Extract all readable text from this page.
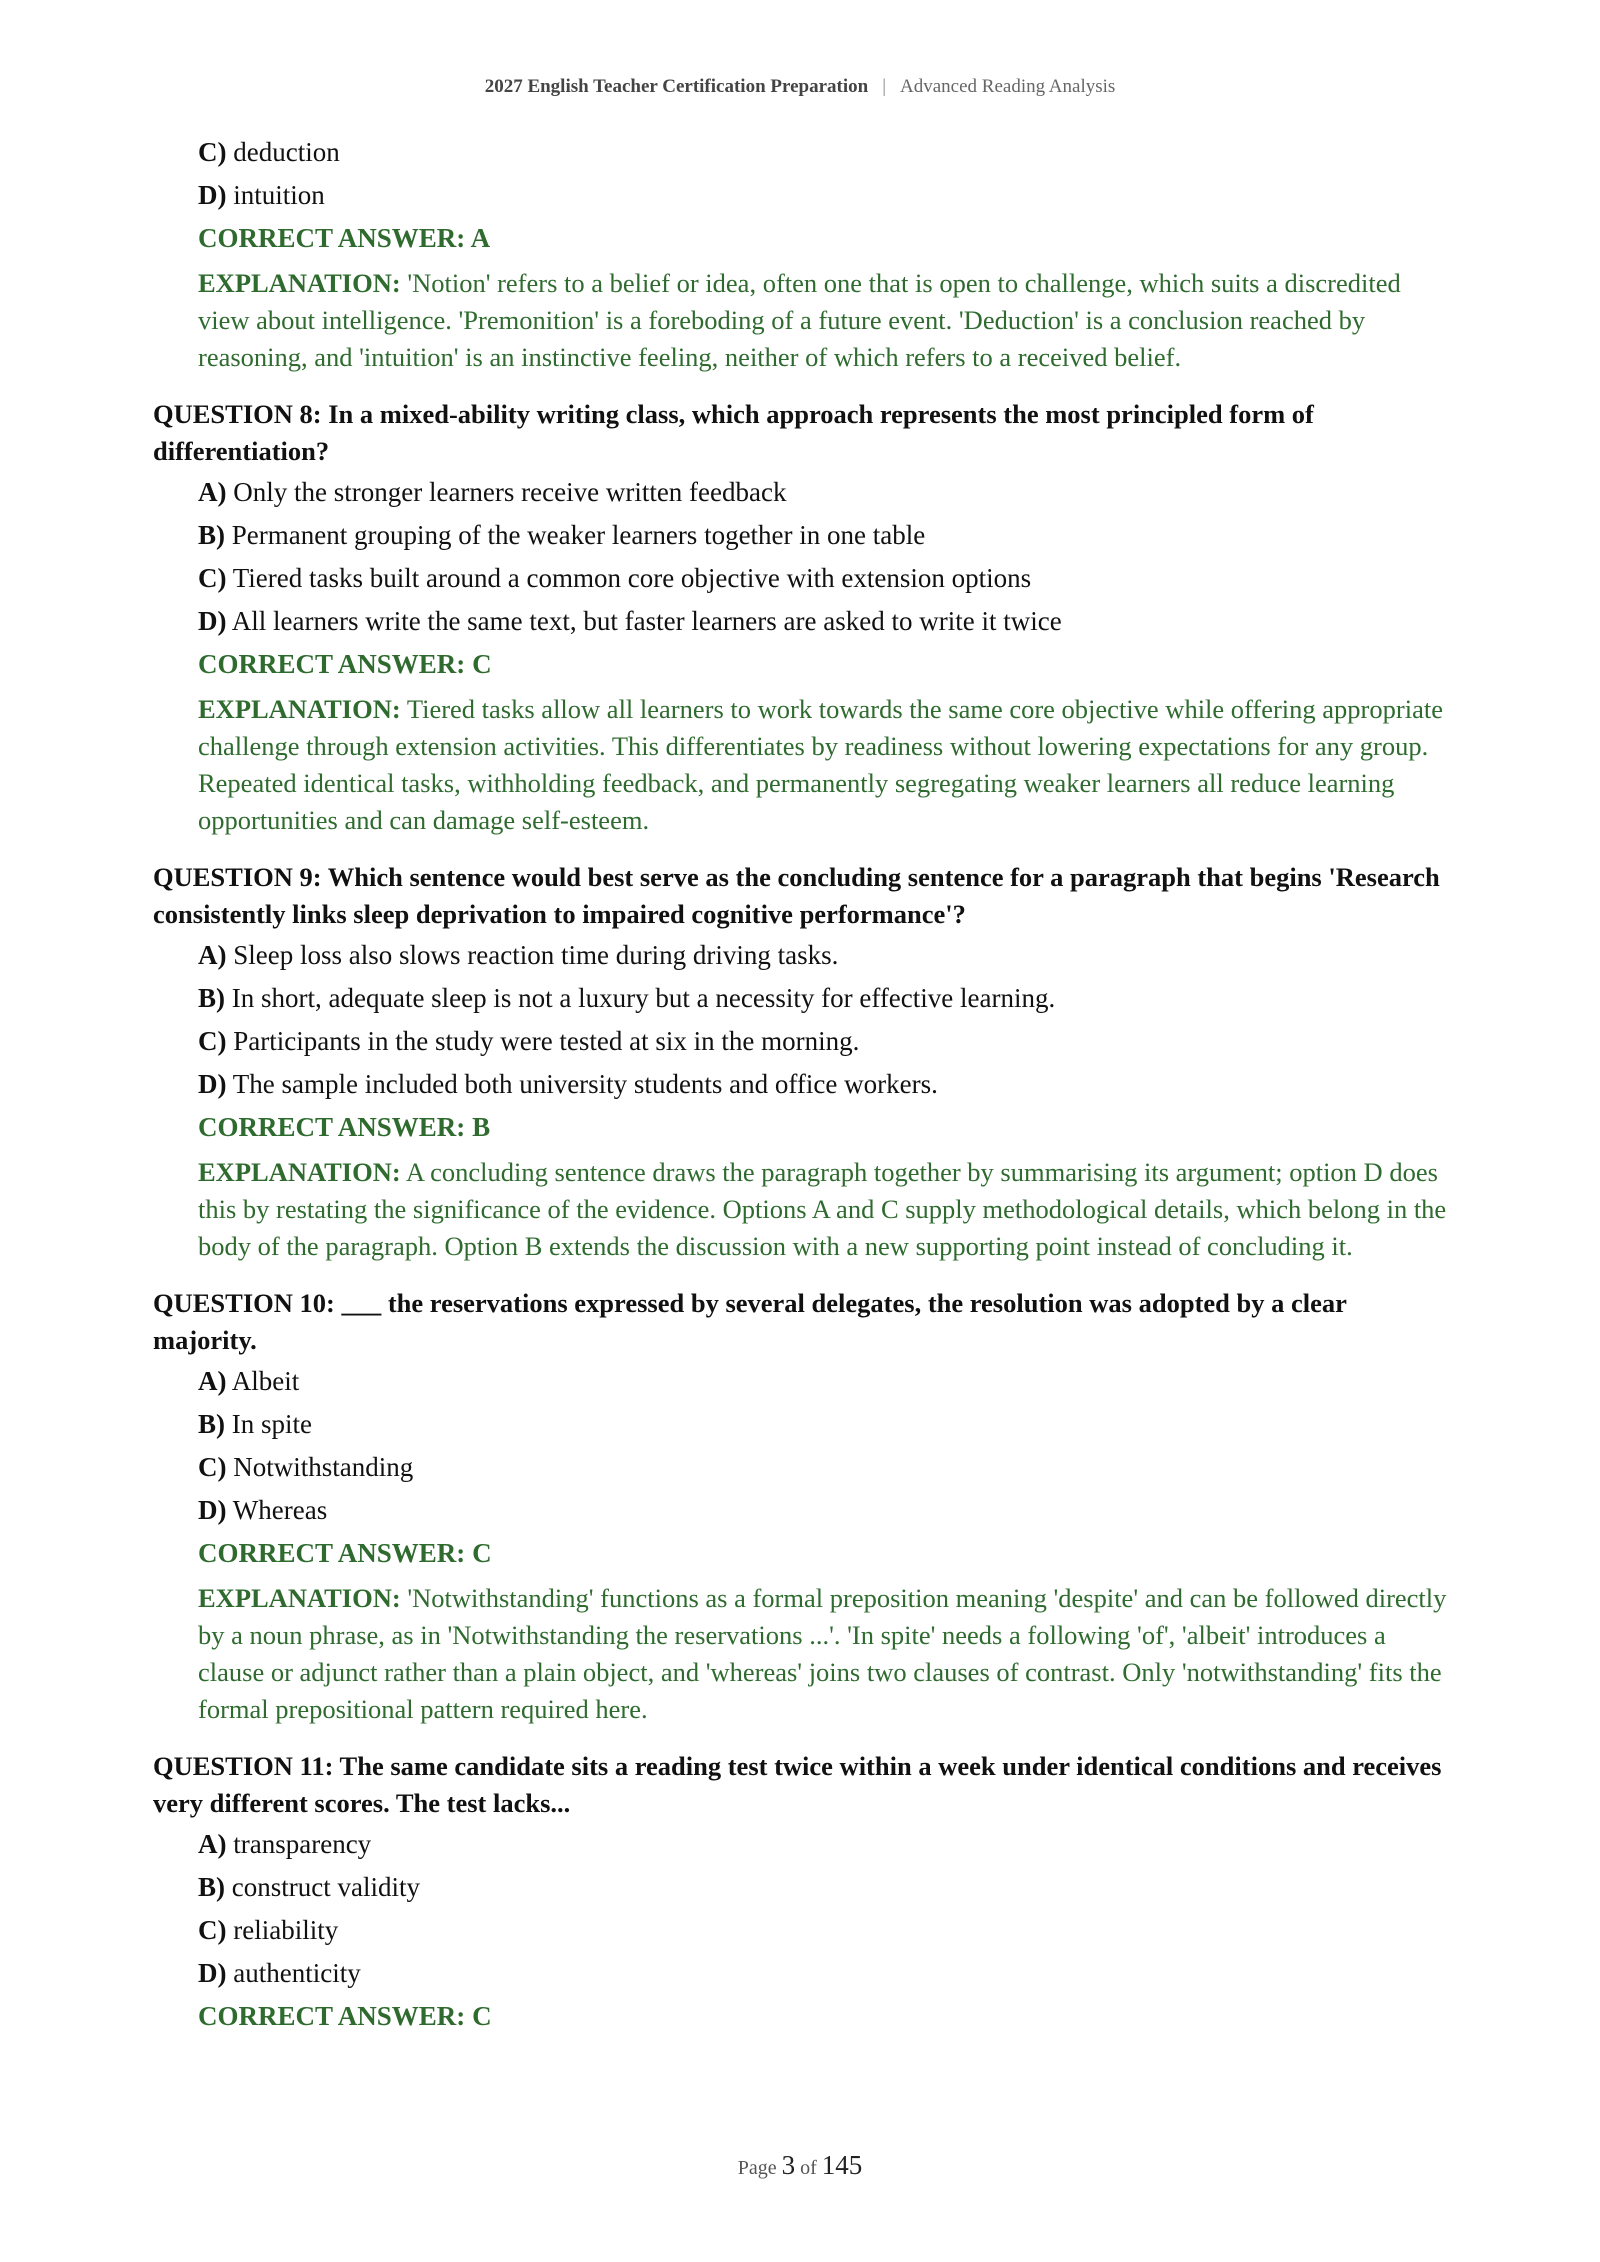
2027 English Teacher Certification Preparation | Advanced Reading Analysis
C) deduction
D) intuition
CORRECT ANSWER: A

EXPLANATION: 'Notion' refers to a belief or idea, often one that is open to challenge, which suits a discredited view about intelligence. 'Premonition' is a foreboding of a future event. 'Deduction' is a conclusion reached by reasoning, and 'intuition' is an instinctive feeling, neither of which refers to a received belief.

QUESTION 8: In a mixed-ability writing class, which approach represents the most principled form of differentiation?
A) Only the stronger learners receive written feedback
B) Permanent grouping of the weaker learners together in one table
C) Tiered tasks built around a common core objective with extension options
D) All learners write the same text, but faster learners are asked to write it twice
CORRECT ANSWER: C

EXPLANATION: Tiered tasks allow all learners to work towards the same core objective while offering appropriate challenge through extension activities. This differentiates by readiness without lowering expectations for any group. Repeated identical tasks, withholding feedback, and permanently segregating weaker learners all reduce learning opportunities and can damage self-esteem.

QUESTION 9: Which sentence would best serve as the concluding sentence for a paragraph that begins 'Research consistently links sleep deprivation to impaired cognitive performance'?
A) Sleep loss also slows reaction time during driving tasks.
B) In short, adequate sleep is not a luxury but a necessity for effective learning.
C) Participants in the study were tested at six in the morning.
D) The sample included both university students and office workers.
CORRECT ANSWER: B

EXPLANATION: A concluding sentence draws the paragraph together by summarising its argument; option D does this by restating the significance of the evidence. Options A and C supply methodological details, which belong in the body of the paragraph. Option B extends the discussion with a new supporting point instead of concluding it.

QUESTION 10: ___ the reservations expressed by several delegates, the resolution was adopted by a clear majority.
A) Albeit
B) In spite
C) Notwithstanding
D) Whereas
CORRECT ANSWER: C

EXPLANATION: 'Notwithstanding' functions as a formal preposition meaning 'despite' and can be followed directly by a noun phrase, as in 'Notwithstanding the reservations ...'. 'In spite' needs a following 'of', 'albeit' introduces a clause or adjunct rather than a plain object, and 'whereas' joins two clauses of contrast. Only 'notwithstanding' fits the formal prepositional pattern required here.

QUESTION 11: The same candidate sits a reading test twice within a week under identical conditions and receives very different scores. The test lacks...
A) transparency
B) construct validity
C) reliability
D) authenticity
CORRECT ANSWER: C
Page 3 of 145
